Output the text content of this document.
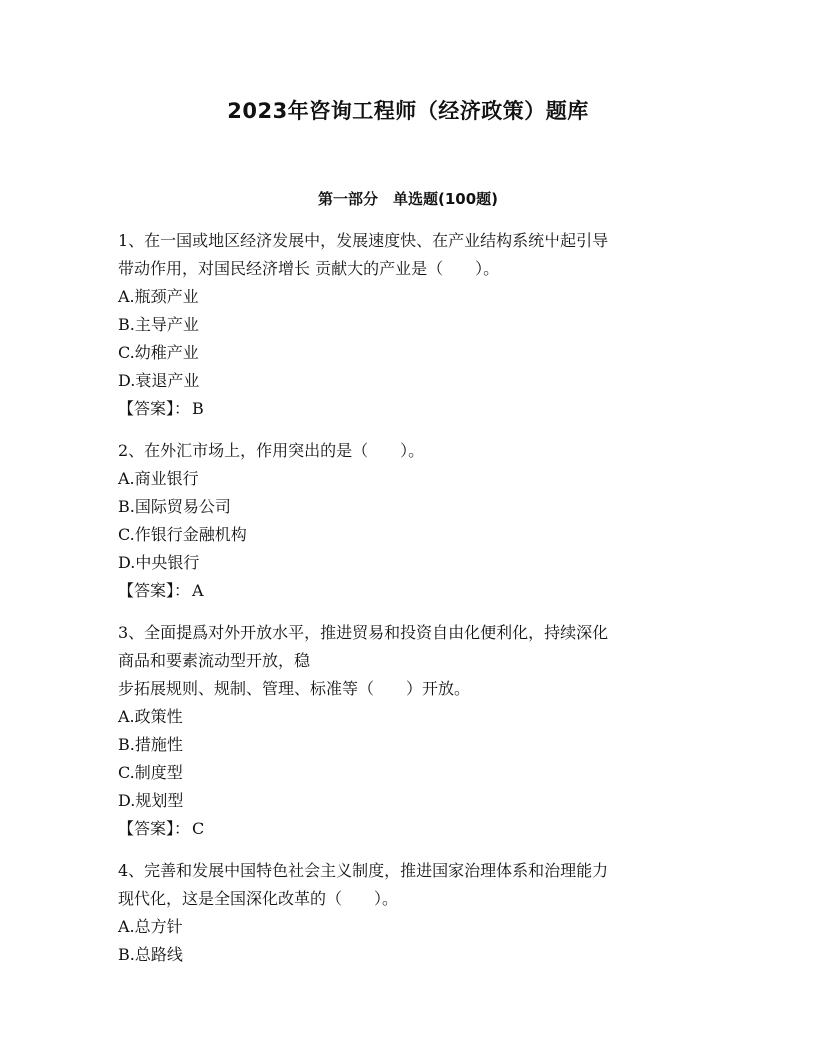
2023年咨询工程师（经济政策）题库
第一部分　单选题(100题)
1、在一国或地区经济发展中，发展速度快、在产业结构系统屮起引导
带动作用，对国民经济增长 贡献大的产业是（　　）。
A.瓶颈产业
B.主导产业
C.幼稚产业
D.衰退产业
【答案】： B
2、在外汇市场上，作用突出的是（　　）。
A.商业银行
B.国际贸易公司
C.作银行金融机构
D.中央银行
【答案】： A
3、全面提爲对外开放水平，推进贸易和投资自由化便利化，持续深化
商品和要素流动型开放，稳
步拓展规则、规制、管理、标准等（　　）开放。
A.政策性
B.措施性
C.制度型
D.规划型
【答案】： C
4、完善和发展中国特色社会主义制度，推进国家治理体系和治理能力
现代化，这是全国深化改革的（　　）。
A.总方针
B.总路线
